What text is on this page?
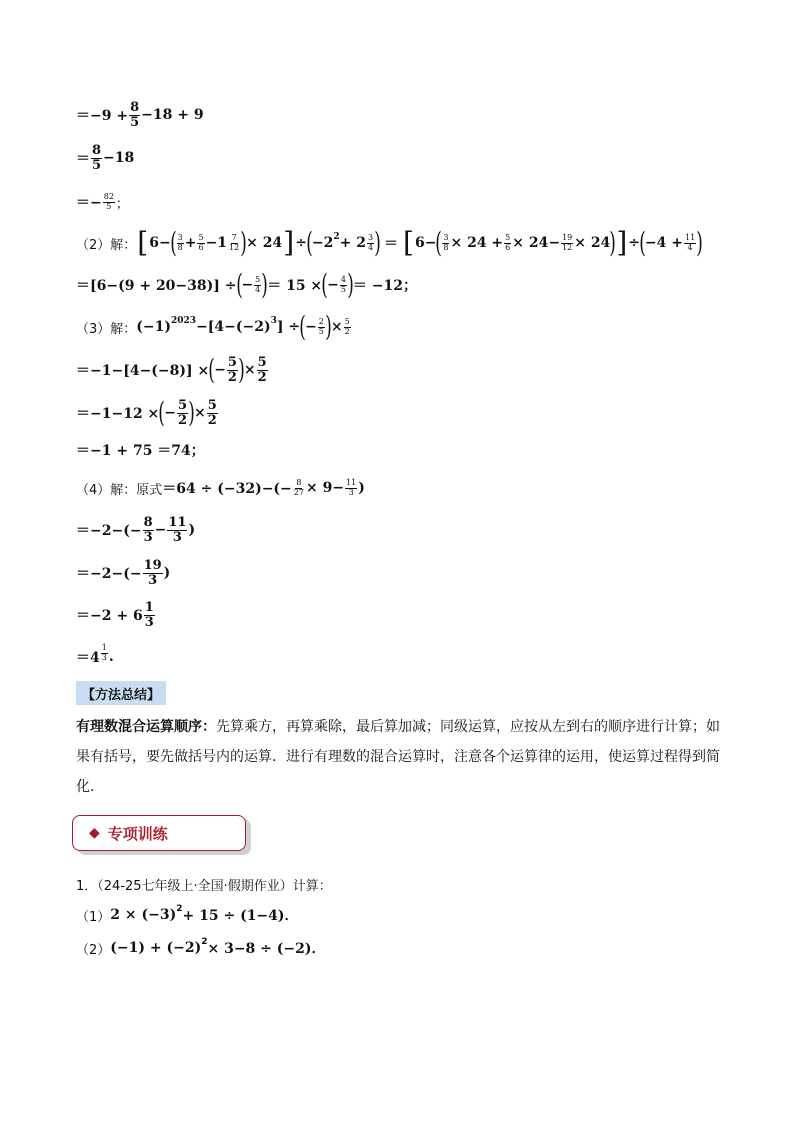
$=-9 + \frac{8}{5} -18 + 9$
＝ $\frac{8}{5} -18$
＝− $\frac{82}{5}$ ；
（2）解： [ 6− ( $\frac{3}{8} + \frac{5}{6} -1 \frac{7}{12}$ ) × 24 ] ÷ ( −2 $2 + 2 \frac{3}{4}$ ) ＝ [ 6− ( $\frac{3}{8} \times 24 + \frac{5}{6} \times 24- \frac{19}{12} \times 24$ ) ] ÷ ( $-4 + \frac{11}{4}$ )
＝[6−(9 + 20−38)] ÷ ( − $\frac{5}{4}$ ) ＝ 15 × ( − $\frac{4}{5}$ ) ＝ −12；
（3）解： (−1) 2023 −[4−(−2) 3 ] ÷ ( − $\frac{2}{5}$ ) × $\frac{5}{2}$
＝−1−[4−(−8)] × ( − $\frac{5}{2}$ ) × $\frac{5}{2}$
＝−1−12 × ( − $\frac{5}{2}$ ) × $\frac{5}{2}$
＝−1 + 75 ＝74；
（4）解：原式 $=64 \div (-32)-(- \frac{8}{27} \times 9- \frac{11}{3}$ )
$=-2-(- \frac{8}{3} - \frac{11}{3}$ )
$=-2-(- \frac{19}{3}$ )
$=-2 + 6 \frac{1}{3}$
$=4 \frac{1}{3}$ .
【方法总结】
有理数混合运算顺序：先算乘方，再算乘除，最后算加减；同级运算，应按从左到右的顺序进行计算；如果有括号，要先做括号内的运算．进行有理数的混合运算时，注意各个运算律的运用，使运算过程得到简化．
◆ 专项训练
1．（24-25七年级上·全国·假期作业）计算：
（1） 2 × (−3) 2 + 15 ÷ (1−4)．
（2） (−1) + (−2) 2 × 3−8 ÷ (−2)．
